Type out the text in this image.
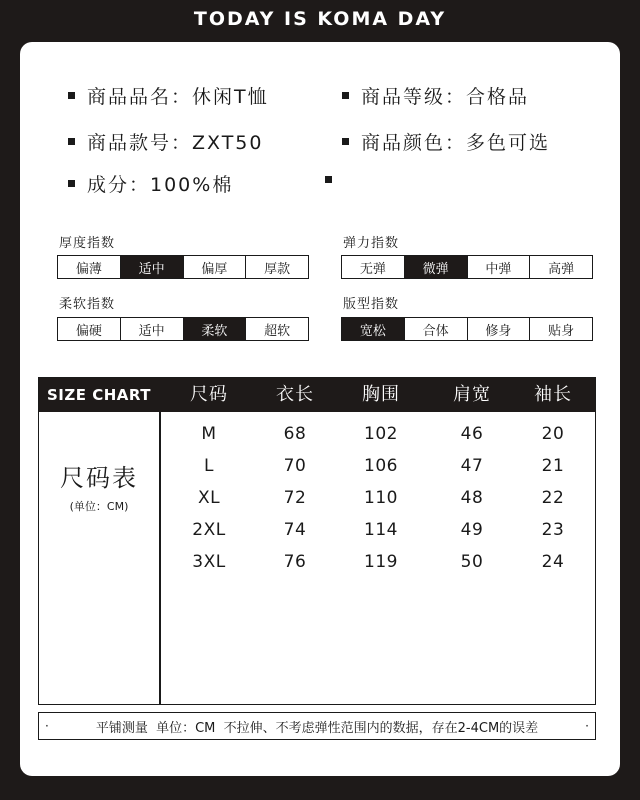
TODAY IS KOMA DAY
商品品名：休闲T恤	商品等级：合格品
商品款号：ZXT50	商品颜色：多色可选
成分：100%棉
厚度指数
偏薄	适中	偏厚	厚款
弹力指数
无弹	微弹	中弹	高弹
柔软指数
偏硬	适中	柔软	超软
版型指数
宽松	合体	修身	贴身
SIZE CHART
尺码表
(单位：CM)
尺码	衣长	胸围	肩宽	袖长
M	68	102	46	20
L	70	106	47	21
XL	72	110	48	22
2XL	74	114	49	23
3XL	76	119	50	24
·	平铺测量  单位：CM  不拉伸、不考虑弹性范围内的数据，存在2-4CM的误差	·
